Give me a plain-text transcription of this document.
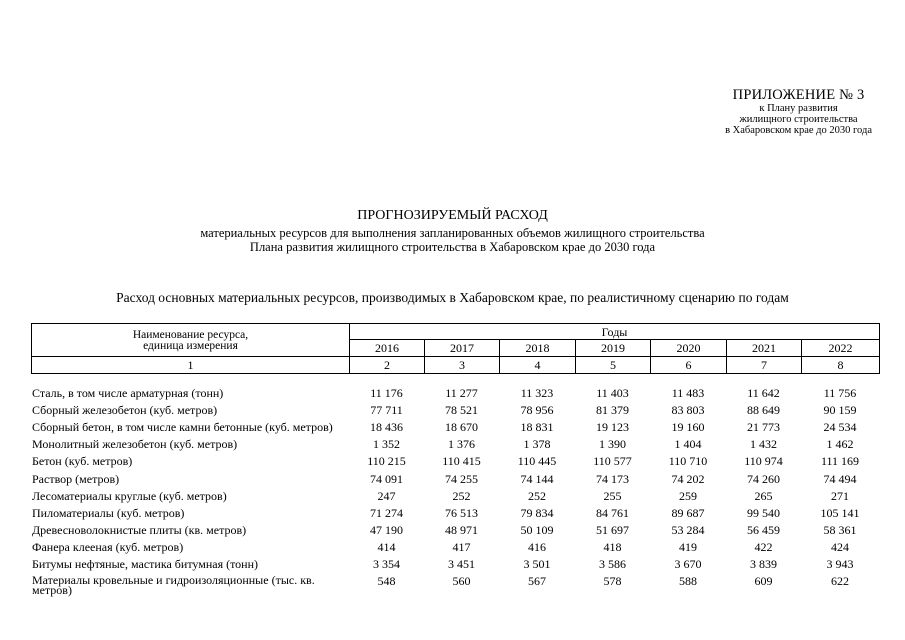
ПРИЛОЖЕНИЕ № 3
к Плану развития
жилищного строительства
в Хабаровском крае до 2030 года
ПРОГНОЗИРУЕМЫЙ РАСХОД
материальных ресурсов для выполнения запланированных объемов жилищного строительства
Плана развития жилищного строительства в Хабаровском крае до 2030 года
Расход основных материальных ресурсов, производимых в Хабаровском крае, по реалистичному сценарию по годам
Наименование ресурса,
единица измерения	Годы						
	2016	2017	2018	2019	2020	2021	2022
1	2	3	4	5	6	7	8
Сталь, в том числе арматурная (тонн)	11 176	11 277	11 323	11 403	11 483	11 642	11 756
Сборный железобетон (куб. метров)	77 711	78 521	78 956	81 379	83 803	88 649	90 159
Сборный бетон, в том числе камни бетонные (куб. метров)	18 436	18 670	18 831	19 123	19 160	21 773	24 534
Монолитный железобетон (куб. метров)	1 352	1 376	1 378	1 390	1 404	1 432	1 462
Бетон (куб. метров)	110 215	110 415	110 445	110 577	110 710	110 974	111 169
Раствор (метров)	74 091	74 255	74 144	74 173	74 202	74 260	74 494
Лесоматериалы круглые (куб. метров)	247	252	252	255	259	265	271
Пиломатериалы (куб. метров)	71 274	76 513	79 834	84 761	89 687	99 540	105 141
Древесноволокнистые плиты (кв. метров)	47 190	48 971	50 109	51 697	53 284	56 459	58 361
Фанера клееная (куб. метров)	414	417	416	418	419	422	424
Битумы нефтяные, мастика битумная (тонн)	3 354	3 451	3 501	3 586	3 670	3 839	3 943
Материалы кровельные и гидроизоляционные (тыс. кв. метров)	548	560	567	578	588	609	622
